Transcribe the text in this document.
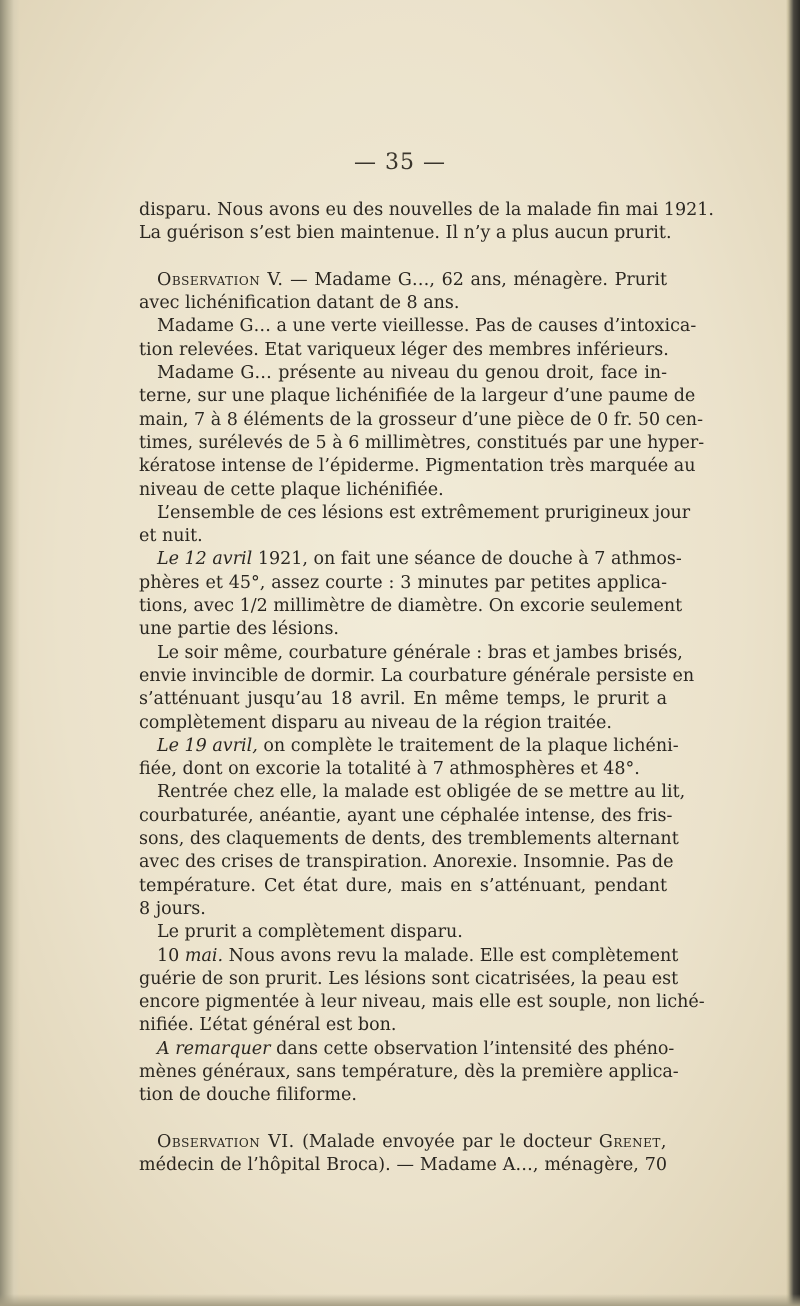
— 35 —
disparu. Nous avons eu des nouvelles de la malade fin mai 1921.
La guérison s’est bien maintenue. Il n’y a plus aucun prurit.
Observation V. — Madame G…, 62 ans, ménagère. Prurit
avec lichénification datant de 8 ans.
Madame G… a une verte vieillesse. Pas de causes d’intoxica-
tion relevées. Etat variqueux léger des membres inférieurs.
Madame G… présente au niveau du genou droit, face in-
terne, sur une plaque lichénifiée de la largeur d’une paume de
main, 7 à 8 éléments de la grosseur d’une pièce de 0 fr. 50 cen-
times, surélevés de 5 à 6 millimètres, constitués par une hyper-
kératose intense de l’épiderme. Pigmentation très marquée au
niveau de cette plaque lichénifiée.
L’ensemble de ces lésions est extrêmement prurigineux jour
et nuit.
Le 12 avril 1921, on fait une séance de douche à 7 athmos-
phères et 45°, assez courte : 3 minutes par petites applica-
tions, avec 1/2 millimètre de diamètre. On excorie seulement
une partie des lésions.
Le soir même, courbature générale : bras et jambes brisés,
envie invincible de dormir. La courbature générale persiste en
s’atténuant jusqu’au 18 avril. En même temps, le prurit a
complètement disparu au niveau de la région traitée.
Le 19 avril, on complète le traitement de la plaque lichéni-
fiée, dont on excorie la totalité à 7 athmosphères et 48°.
Rentrée chez elle, la malade est obligée de se mettre au lit,
courbaturée, anéantie, ayant une céphalée intense, des fris-
sons, des claquements de dents, des tremblements alternant
avec des crises de transpiration. Anorexie. Insomnie. Pas de
température. Cet état dure, mais en s’atténuant, pendant
8 jours.
Le prurit a complètement disparu.
10 mai. Nous avons revu la malade. Elle est complètement
guérie de son prurit. Les lésions sont cicatrisées, la peau est
encore pigmentée à leur niveau, mais elle est souple, non liché-
nifiée. L’état général est bon.
A remarquer dans cette observation l’intensité des phéno-
mènes généraux, sans température, dès la première applica-
tion de douche filiforme.
Observation VI. (Malade envoyée par le docteur Grenet,
médecin de l’hôpital Broca). — Madame A…, ménagère, 70
